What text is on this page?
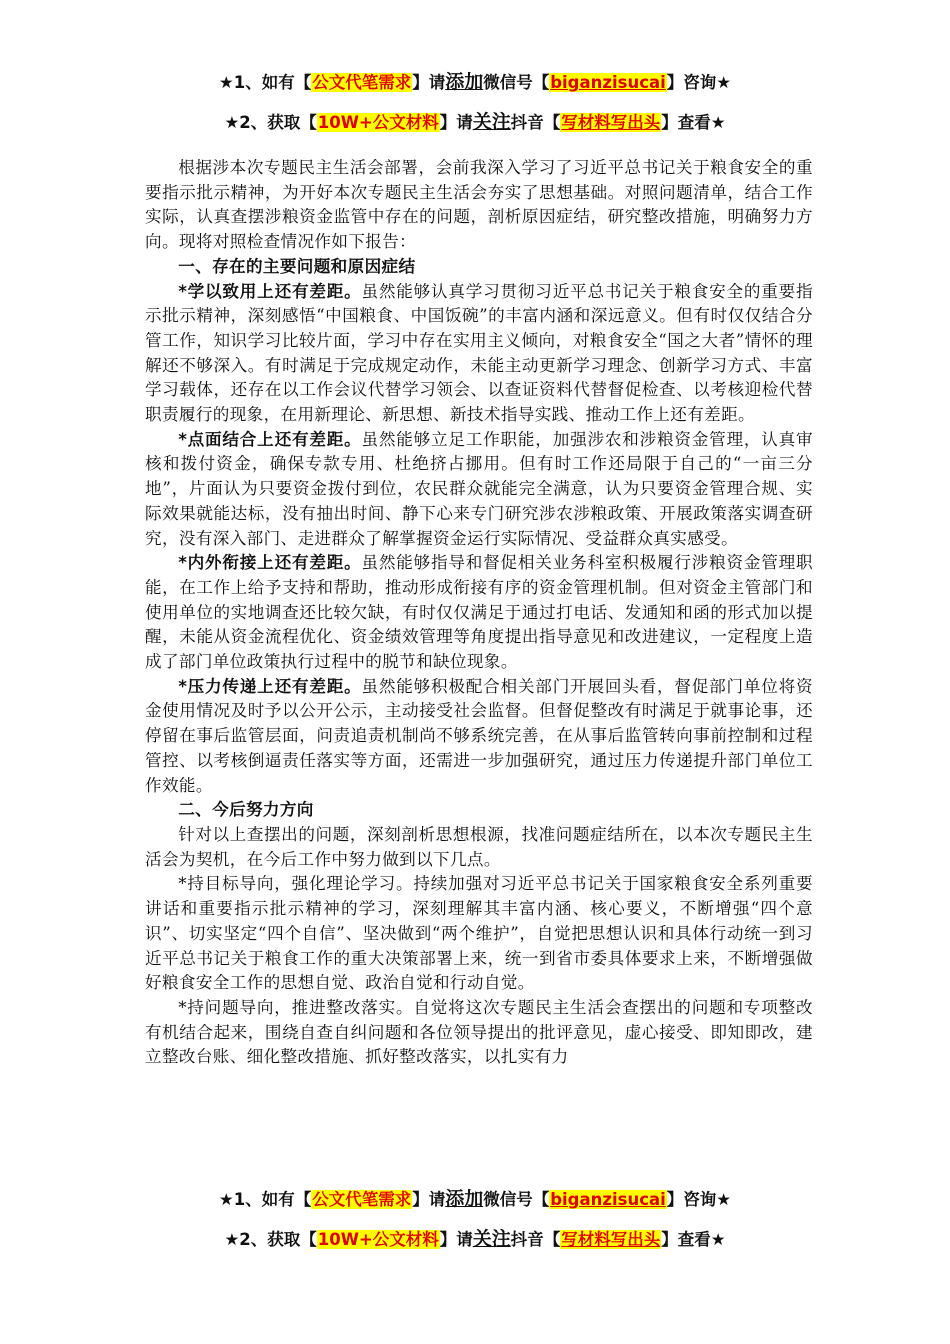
★1、如有【公文代笔需求】请添加微信号【biganzisucai】咨询★
★2、获取【10W+公文材料】请关注抖音【写材料写出头】查看★

根据涉本次专题民主生活会部署，会前我深入学习了习近平总书记关于粮食安全的重要指示批示精神，为开好本次专题民主生活会夯实了思想基础。对照问题清单，结合工作实际，认真查摆涉粮资金监管中存在的问题，剖析原因症结，研究整改措施，明确努力方向。现将对照检查情况作如下报告：

一、存在的主要问题和原因症结

*学以致用上还有差距。虽然能够认真学习贯彻习近平总书记关于粮食安全的重要指示批示精神，深刻感悟“中国粮食、中国饭碗”的丰富内涵和深远意义。但有时仅仅结合分管工作，知识学习比较片面，学习中存在实用主义倾向，对粮食安全“国之大者”情怀的理解还不够深入。有时满足于完成规定动作，未能主动更新学习理念、创新学习方式、丰富学习载体，还存在以工作会议代替学习领会、以查证资料代替督促检查、以考核迎检代替职责履行的现象，在用新理论、新思想、新技术指导实践、推动工作上还有差距。

*点面结合上还有差距。虽然能够立足工作职能，加强涉农和涉粮资金管理，认真审核和拨付资金，确保专款专用、杜绝挤占挪用。但有时工作还局限于自己的“一亩三分地”，片面认为只要资金拨付到位，农民群众就能完全满意，认为只要资金管理合规、实际效果就能达标，没有抽出时间、静下心来专门研究涉农涉粮政策、开展政策落实调查研究，没有深入部门、走进群众了解掌握资金运行实际情况、受益群众真实感受。

*内外衔接上还有差距。虽然能够指导和督促相关业务科室积极履行涉粮资金管理职能，在工作上给予支持和帮助，推动形成衔接有序的资金管理机制。但对资金主管部门和使用单位的实地调查还比较欠缺，有时仅仅满足于通过打电话、发通知和函的形式加以提醒，未能从资金流程优化、资金绩效管理等角度提出指导意见和改进建议，一定程度上造成了部门单位政策执行过程中的脱节和缺位现象。

*压力传递上还有差距。虽然能够积极配合相关部门开展回头看，督促部门单位将资金使用情况及时予以公开公示，主动接受社会监督。但督促整改有时满足于就事论事，还停留在事后监管层面，问责追责机制尚不够系统完善，在从事后监管转向事前控制和过程管控、以考核倒逼责任落实等方面，还需进一步加强研究，通过压力传递提升部门单位工作效能。

二、今后努力方向

针对以上查摆出的问题，深刻剖析思想根源，找准问题症结所在，以本次专题民主生活会为契机，在今后工作中努力做到以下几点。

*持目标导向，强化理论学习。持续加强对习近平总书记关于国家粮食安全系列重要讲话和重要指示批示精神的学习，深刻理解其丰富内涵、核心要义，不断增强“四个意识”、切实坚定“四个自信”、坚决做到“两个维护”，自觉把思想认识和具体行动统一到习近平总书记关于粮食工作的重大决策部署上来，统一到省市委具体要求上来，不断增强做好粮食安全工作的思想自觉、政治自觉和行动自觉。

*持问题导向，推进整改落实。自觉将这次专题民主生活会查摆出的问题和专项整改有机结合起来，围绕自查自纠问题和各位领导提出的批评意见，虚心接受、即知即改，建立整改台账、细化整改措施、抓好整改落实，以扎实有力

★1、如有【公文代笔需求】请添加微信号【biganzisucai】咨询★
★2、获取【10W+公文材料】请关注抖音【写材料写出头】查看★
